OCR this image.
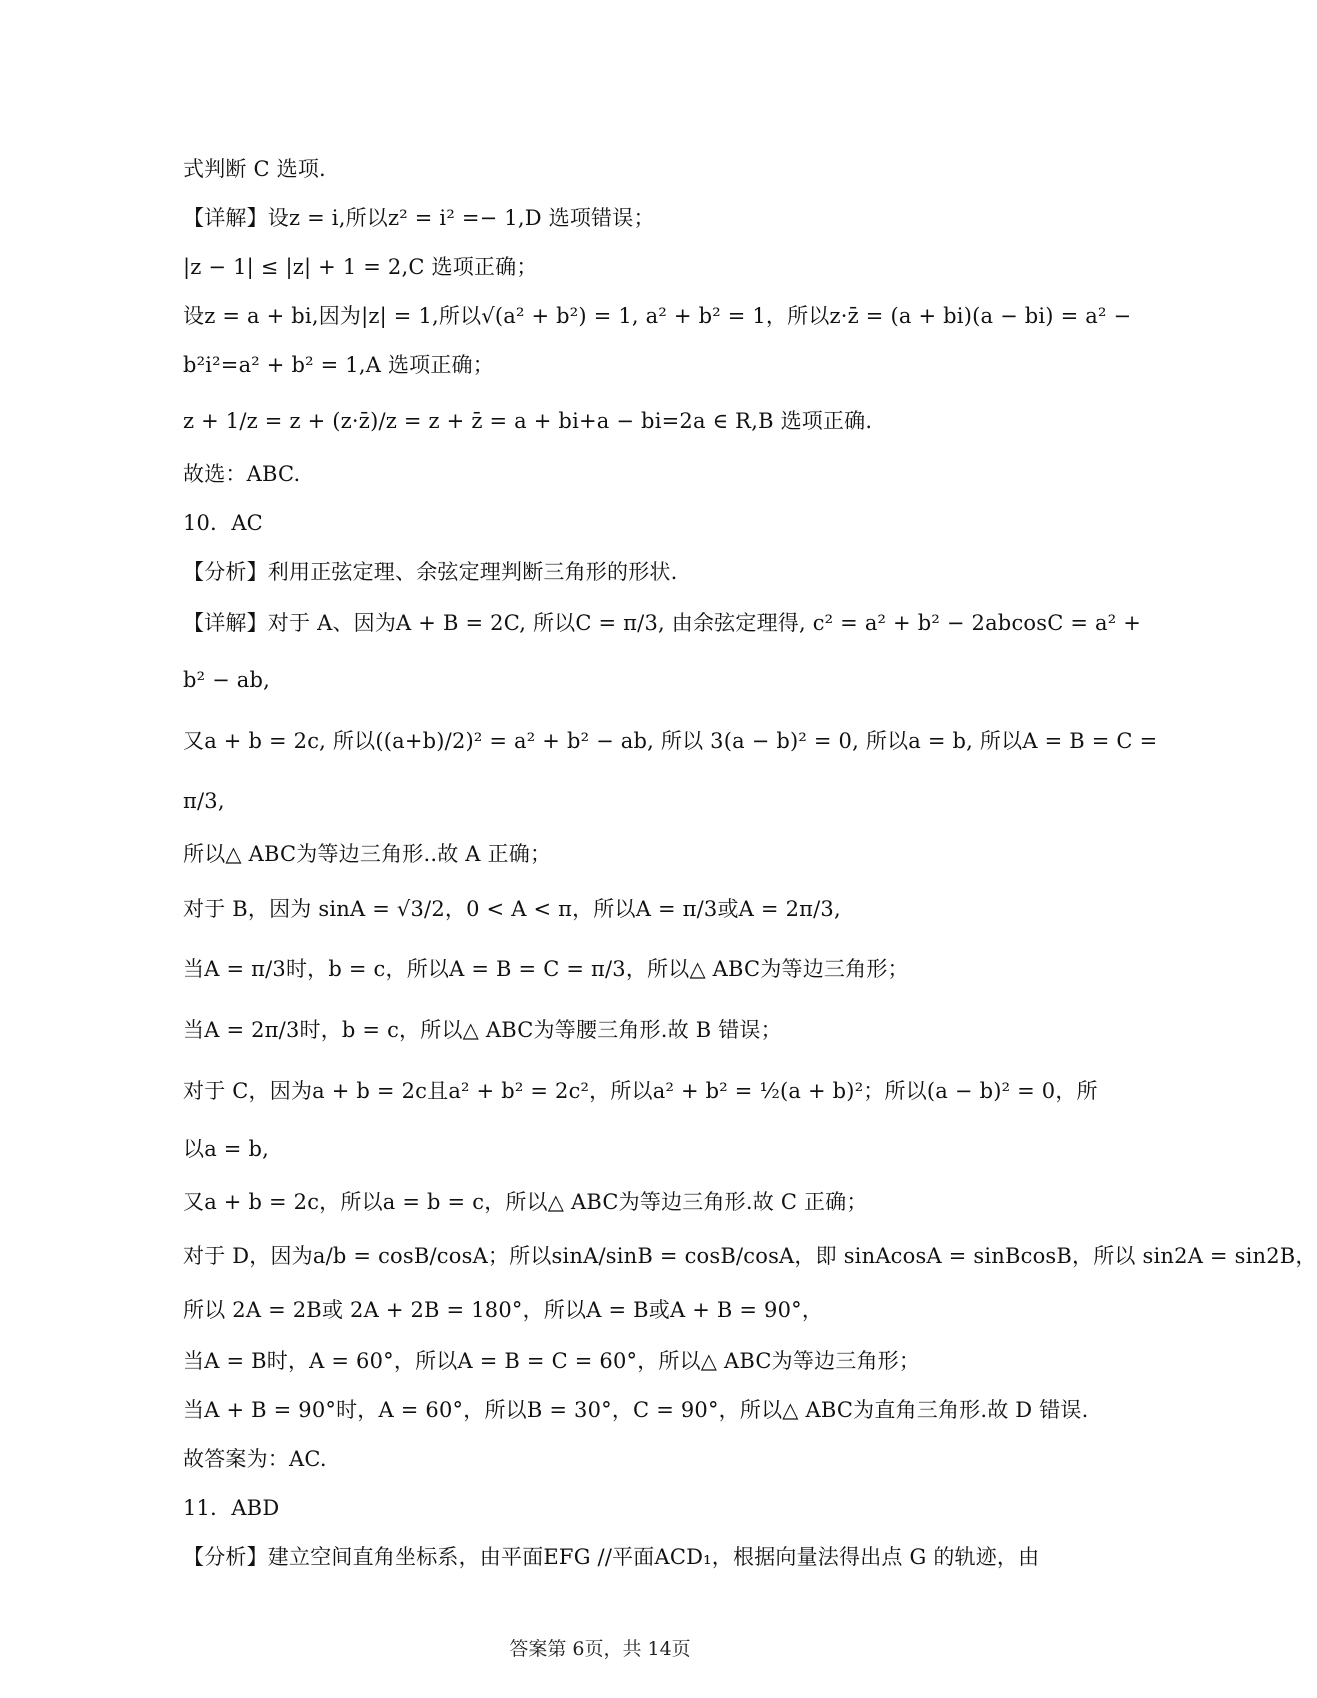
式判断 C 选项.
【详解】设z = i,所以z² = i² =− 1,D 选项错误；
|z − 1| ≤ |z| + 1 = 2,C 选项正确；
设z = a + bi,因为|z| = 1,所以√(a² + b²) = 1, a² + b² = 1，所以z·z̄ = (a + bi)(a − bi) = a² −
b²i²=a² + b² = 1,A 选项正确；
z + 1/z = z + (z·z̄)/z = z + z̄ = a + bi+a − bi=2a ∈ R,B 选项正确.
故选：ABC.
10．AC
【分析】利用正弦定理、余弦定理判断三角形的形状.
【详解】对于 A、因为A + B = 2C, 所以C = π/3, 由余弦定理得, c² = a² + b² − 2abcosC = a² +
b² − ab,
又a + b = 2c, 所以((a+b)/2)² = a² + b² − ab, 所以 3(a − b)² = 0, 所以a = b, 所以A = B = C =
π/3,
所以△ ABC为等边三角形..故 A 正确；
对于 B，因为 sinA = √3/2，0 < A < π，所以A = π/3或A = 2π/3,
当A = π/3时，b = c，所以A = B = C = π/3，所以△ ABC为等边三角形；
当A = 2π/3时，b = c，所以△ ABC为等腰三角形.故 B 错误；
对于 C，因为a + b = 2c且a² + b² = 2c²，所以a² + b² = ½(a + b)²；所以(a − b)² = 0，所
以a = b,
又a + b = 2c，所以a = b = c，所以△ ABC为等边三角形.故 C 正确；
对于 D，因为a/b = cosB/cosA；所以sinA/sinB = cosB/cosA，即 sinAcosA = sinBcosB，所以 sin2A = sin2B，
所以 2A = 2B或 2A + 2B = 180°，所以A = B或A + B = 90°，
当A = B时，A = 60°，所以A = B = C = 60°，所以△ ABC为等边三角形；
当A + B = 90°时，A = 60°，所以B = 30°，C = 90°，所以△ ABC为直角三角形.故 D 错误.
故答案为：AC.
11．ABD
【分析】建立空间直角坐标系，由平面EFG //平面ACD₁，根据向量法得出点 G 的轨迹，由
答案第 6页，共 14页
